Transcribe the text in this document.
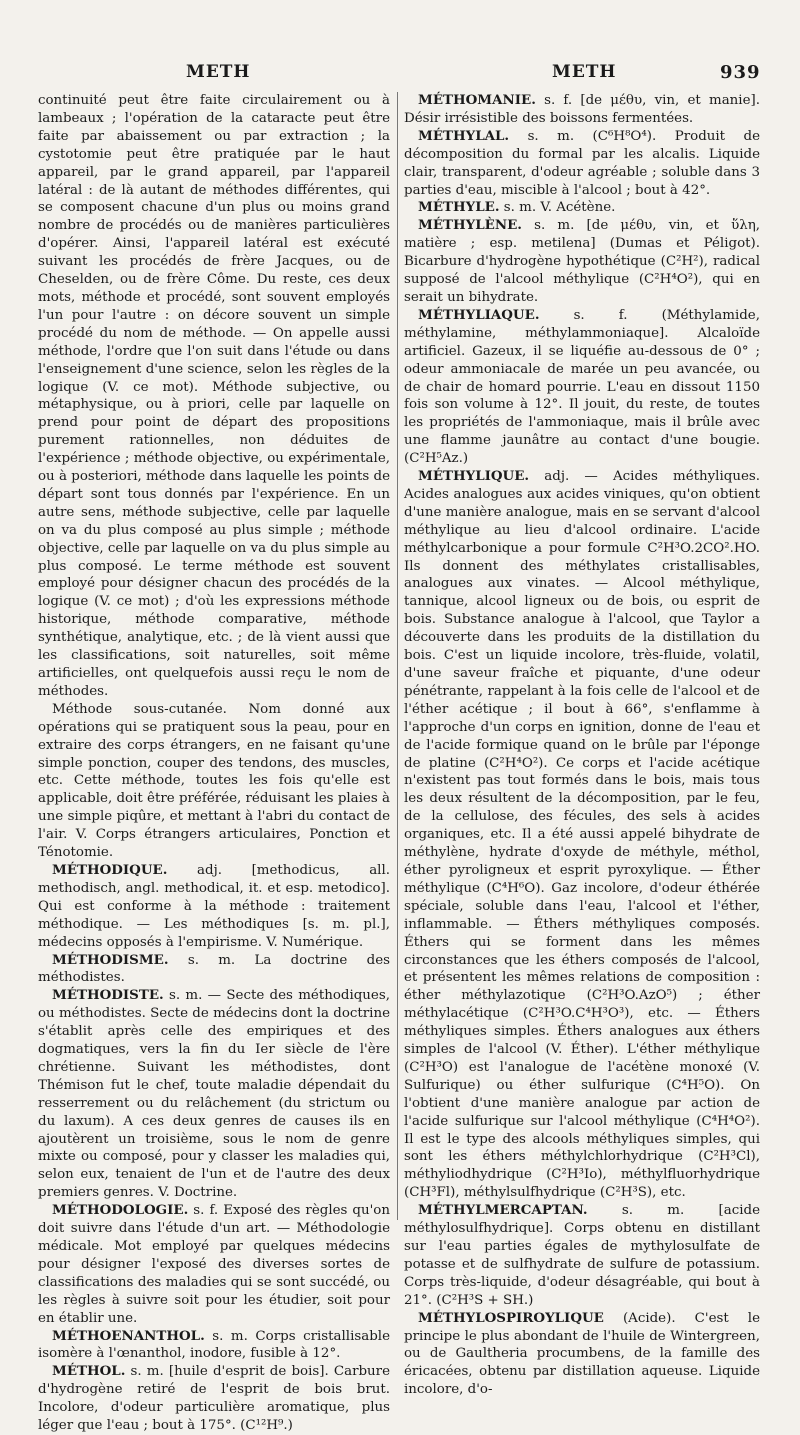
METH	METH	939

continuité peut être faite circulairement ou à lambeaux ; l'opération de la cataracte peut être faite par abaissement ou par extraction ; la cystotomie peut être pratiquée par le haut appareil, par le grand appareil, par l'appareil latéral : de là autant de méthodes différentes, qui se composent chacune d'un plus ou moins grand nombre de procédés ou de manières particulières d'opérer. Ainsi, l'appareil latéral est exécuté suivant les procédés de frère Jacques, ou de Cheselden, ou de frère Côme. Du reste, ces deux mots, méthode et procédé, sont souvent employés l'un pour l'autre : on décore souvent un simple procédé du nom de méthode. — On appelle aussi méthode, l'ordre que l'on suit dans l'étude ou dans l'enseignement d'une science, selon les règles de la logique (V. ce mot). Méthode subjective, ou métaphysique, ou à priori, celle par laquelle on prend pour point de départ des propositions purement rationnelles, non déduites de l'expérience ; méthode objective, ou expérimentale, ou à posteriori, méthode dans laquelle les points de départ sont tous donnés par l'expérience. En un autre sens, méthode subjective, celle par laquelle on va du plus composé au plus simple ; méthode objective, celle par laquelle on va du plus simple au plus composé. Le terme méthode est souvent employé pour désigner chacun des procédés de la logique (V. ce mot) ; d'où les expressions méthode historique, méthode comparative, méthode synthétique, analytique, etc. ; de là vient aussi que les classifications, soit naturelles, soit même artificielles, ont quelquefois aussi reçu le nom de méthodes.

Méthode sous-cutanée. Nom donné aux opérations qui se pratiquent sous la peau, pour en extraire des corps étrangers, en ne faisant qu'une simple ponction, couper des tendons, des muscles, etc. Cette méthode, toutes les fois qu'elle est applicable, doit être préférée, réduisant les plaies à une simple piqûre, et mettant à l'abri du contact de l'air. V. Corps étrangers articulaires, Ponction et Ténotomie.

MÉTHODIQUE. adj. [methodicus, all. methodisch, angl. methodical, it. et esp. metodico]. Qui est conforme à la méthode : traitement méthodique. — Les méthodiques [s. m. pl.], médecins opposés à l'empirisme. V. Numérique.

MÉTHODISME. s. m. La doctrine des méthodistes.

MÉTHODISTE. s. m. — Secte des méthodiques, ou méthodistes. Secte de médecins dont la doctrine s'établit après celle des empiriques et des dogmatiques, vers la fin du Ier siècle de l'ère chrétienne. Suivant les méthodistes, dont Thémison fut le chef, toute maladie dépendait du resserrement ou du relâchement (du strictum ou du laxum). A ces deux genres de causes ils en ajoutèrent un troisième, sous le nom de genre mixte ou composé, pour y classer les maladies qui, selon eux, tenaient de l'un et de l'autre des deux premiers genres. V. Doctrine.

MÉTHODOLOGIE. s. f. Exposé des règles qu'on doit suivre dans l'étude d'un art. — Méthodologie médicale. Mot employé par quelques médecins pour désigner l'exposé des diverses sortes de classifications des maladies qui se sont succédé, ou les règles à suivre soit pour les étudier, soit pour en établir une.

MÉTHOENANTHOL. s. m. Corps cristallisable isomère à l'œnanthol, inodore, fusible à 12°.

MÉTHOL. s. m. [huile d'esprit de bois]. Carbure d'hydrogène retiré de l'esprit de bois brut. Incolore, d'odeur particulière aromatique, plus léger que l'eau ; bout à 175°. (C¹²H⁹.)

MÉTHOMANIE. s. f. [de μέθυ, vin, et manie]. Désir irrésistible des boissons fermentées.

MÉTHYLAL. s. m. (C⁶H⁸O⁴). Produit de décomposition du formal par les alcalis. Liquide clair, transparent, d'odeur agréable ; soluble dans 3 parties d'eau, miscible à l'alcool ; bout à 42°.

MÉTHYLE. s. m. V. Acétène.

MÉTHYLÈNE. s. m. [de μέθυ, vin, et ὕλη, matière ; esp. metilena] (Dumas et Péligot). Bicarbure d'hydrogène hypothétique (C²H²), radical supposé de l'alcool méthylique (C²H⁴O²), qui en serait un bihydrate.

MÉTHYLIAQUE.	s. f. (Méthylamide, méthylamine, méthylammoniaque]. Alcaloïde artificiel. Gazeux, il se liquéfie au-dessous de 0° ; odeur ammoniacale de marée un peu avancée, ou de chair de homard pourrie. L'eau en dissout 1150 fois son volume à 12°. Il jouit, du reste, de toutes les propriétés de l'ammoniaque, mais il brûle avec une flamme jaunâtre au contact d'une bougie. (C²H⁵Az.)

MÉTHYLIQUE. adj. — Acides méthyliques. Acides analogues aux acides viniques, qu'on obtient d'une manière analogue, mais en se servant d'alcool méthylique au lieu d'alcool ordinaire. L'acide méthylcarbonique a pour formule C²H³O.2CO².HO. Ils donnent des méthylates cristallisables, analogues aux vinates. — Alcool méthylique, tannique, alcool ligneux ou de bois, ou esprit de bois. Substance analogue à l'alcool, que Taylor a découverte dans les produits de la distillation du bois. C'est un liquide incolore, très-fluide, volatil, d'une saveur fraîche et piquante, d'une odeur pénétrante, rappelant à la fois celle de l'alcool et de l'éther acétique ; il bout à 66°, s'enflamme à l'approche d'un corps en ignition, donne de l'eau et de l'acide formique quand on le brûle par l'éponge de platine (C²H⁴O²). Ce corps et l'acide acétique n'existent pas tout formés dans le bois, mais tous les deux résultent de la décomposition, par le feu, de la cellulose, des fécules, des sels à acides organiques, etc. Il a été aussi appelé bihydrate de méthylène, hydrate d'oxyde de méthyle, méthol, éther pyroligneux et esprit pyroxylique. — Éther méthylique (C⁴H⁶O). Gaz incolore, d'odeur éthérée spéciale, soluble dans l'eau, l'alcool et l'éther, inflammable. — Éthers méthyliques composés. Éthers qui se forment dans les mêmes circonstances que les éthers composés de l'alcool, et présentent les mêmes relations de composition : éther méthylazotique (C²H³O.AzO⁵) ; éther méthylacétique (C²H³O.C⁴H³O³), etc. — Éthers méthyliques simples. Éthers analogues aux éthers simples de l'alcool (V. Éther). L'éther méthylique (C²H³O) est l'analogue de l'acétène monoxé (V. Sulfurique) ou éther sulfurique (C⁴H⁵O). On l'obtient d'une manière analogue par action de l'acide sulfurique sur l'alcool méthylique (C⁴H⁴O²). Il est le type des alcools méthyliques simples, qui sont les éthers méthylchlorhydrique (C²H³Cl), méthyliodhydrique (C²H³Io), méthylfluorhydrique (CH³Fl), méthylsulfhydrique (C²H³S), etc.

MÉTHYLMERCAPTAN.	s. m. [acide méthylosulfhydrique]. Corps obtenu en distillant sur l'eau parties égales de mythylosulfate de potasse et de sulfhydrate de sulfure de potassium. Corps très-liquide, d'odeur désagréable, qui bout à 21°. (C²H³S + SH.)

MÉTHYLOSPIROYLIQUE (Acide). C'est le principe le plus abondant de l'huile de Wintergreen, ou de Gaultheria procumbens, de la famille des éricacées, obtenu par distillation aqueuse. Liquide incolore, d'o-
